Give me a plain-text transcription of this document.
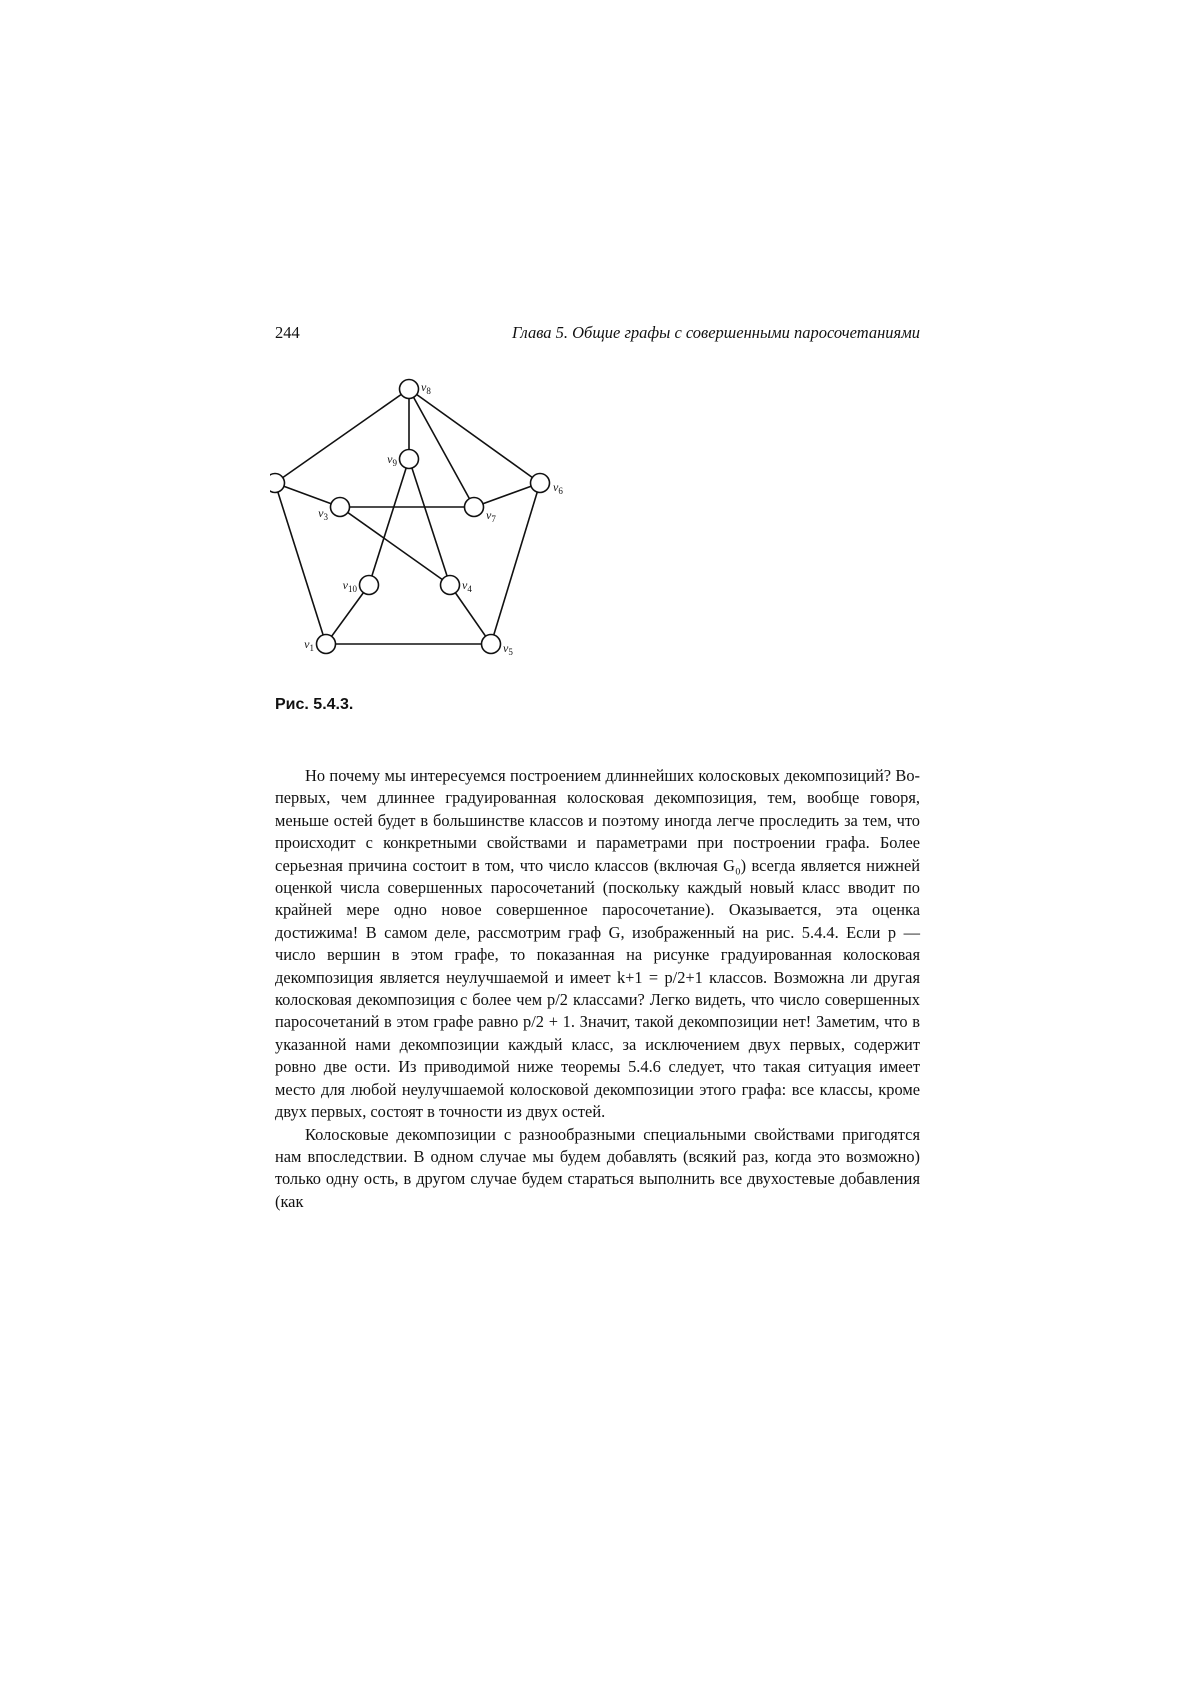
244	Глава 5. Общие графы с совершенными паросочетаниями
$v_8$
$v_9$
$v_6$
$v_7$
$v_3$
$v_{10}$	$v_4$
$v_1$	$v_5$
Рис. 5.4.3.

Но почему мы интересуемся построением длиннейших колосковых декомпозиций? Во-первых, чем длиннее градуированная колосковая декомпозиция, тем, вообще говоря, меньше остей будет в большинстве классов и поэтому иногда легче проследить за тем, что происходит с конкретными свойствами и параметрами при построении графа. Более серьезная причина состоит в том, что число классов (включая G₀) всегда является нижней оценкой числа совершенных паросочетаний (поскольку каждый новый класс вводит по крайней мере одно новое совершенное паросочетание). Оказывается, эта оценка достижима! В самом деле, рассмотрим граф G, изображенный на рис. 5.4.4. Если p — число вершин в этом графе, то показанная на рисунке градуированная колосковая декомпозиция является неулучшаемой и имеет k+1 = p/2+1 классов. Возможна ли другая колосковая декомпозиция с более чем p/2 классами? Легко видеть, что число совершенных паросочетаний в этом графе равно p/2 + 1. Значит, такой декомпозиции нет! Заметим, что в указанной нами декомпозиции каждый класс, за исключением двух первых, содержит ровно две ости. Из приводимой ниже теоремы 5.4.6 следует, что такая ситуация имеет место для любой неулучшаемой колосковой декомпозиции этого графа: все классы, кроме двух первых, состоят в точности из двух остей.

Колосковые декомпозиции с разнообразными специальными свойствами пригодятся нам впоследствии. В одном случае мы будем добавлять (всякий раз, когда это возможно) только одну ость, в другом случае будем стараться выполнить все двухостевые добавления (как
